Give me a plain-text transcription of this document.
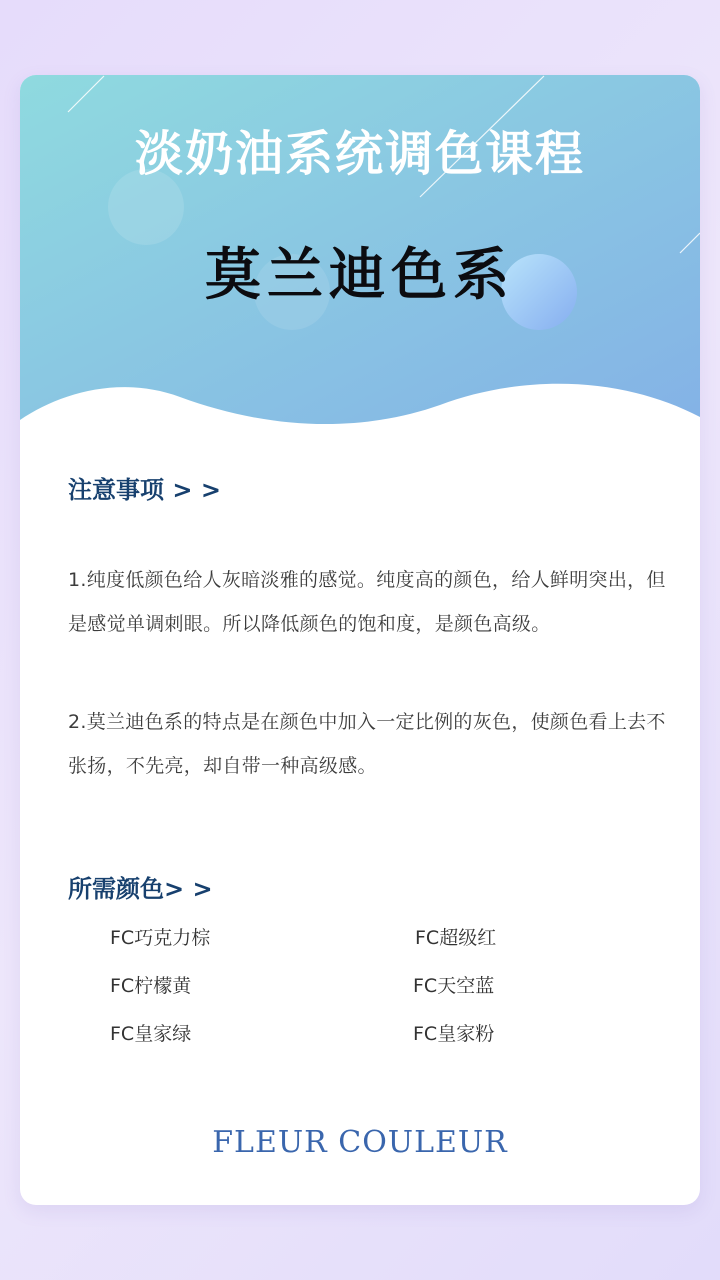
淡奶油系统调色课程
莫兰迪色系
注意事项 > >
1.纯度低颜色给人灰暗淡雅的感觉。纯度高的颜色，给人鲜明突出，但是感觉单调刺眼。所以降低颜色的饱和度，是颜色高级。
2.莫兰迪色系的特点是在颜色中加入一定比例的灰色，使颜色看上去不张扬，不先亮，却自带一种高级感。
所需颜色> >
FC巧克力棕	FC超级红
FC柠檬黄	FC天空蓝
FC皇家绿	FC皇家粉
FLEUR COULEUR
